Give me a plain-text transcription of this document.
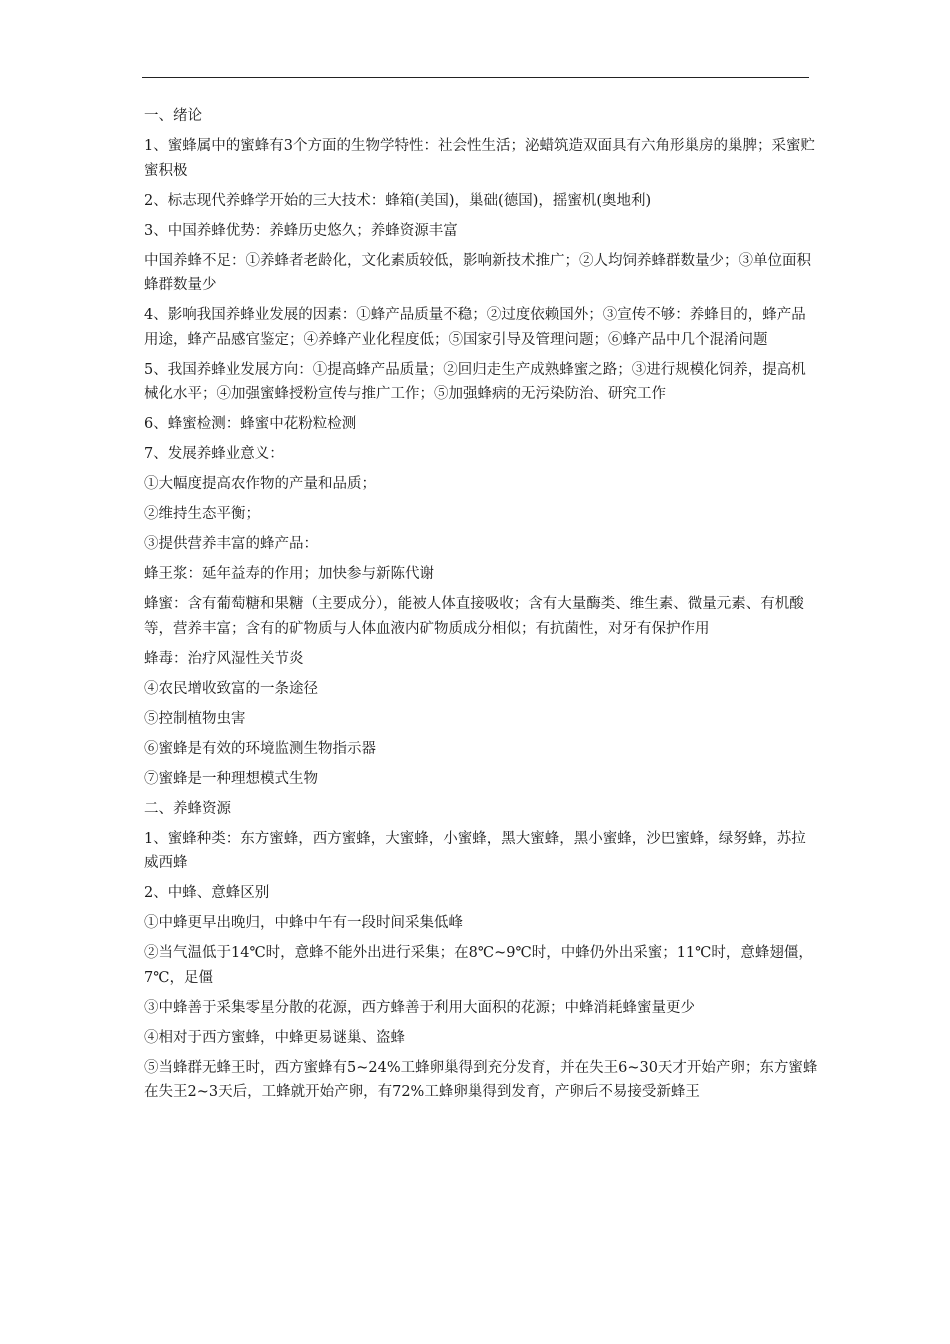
一、绪论

1、蜜蜂属中的蜜蜂有3个方面的生物学特性：社会性生活；泌蜡筑造双面具有六角形巢房的巢脾；采蜜贮蜜积极

2、标志现代养蜂学开始的三大技术：蜂箱(美国)，巢础(德国)，摇蜜机(奥地利)

3、中国养蜂优势：养蜂历史悠久；养蜂资源丰富

中国养蜂不足：①养蜂者老龄化，文化素质较低，影响新技术推广；②人均饲养蜂群数量少；③单位面积蜂群数量少

4、影响我国养蜂业发展的因素：①蜂产品质量不稳；②过度依赖国外；③宣传不够：养蜂目的，蜂产品用途，蜂产品感官鉴定；④养蜂产业化程度低；⑤国家引导及管理问题；⑥蜂产品中几个混淆问题

5、我国养蜂业发展方向：①提高蜂产品质量；②回归走生产成熟蜂蜜之路；③进行规模化饲养，提高机械化水平；④加强蜜蜂授粉宣传与推广工作；⑤加强蜂病的无污染防治、研究工作

6、蜂蜜检测：蜂蜜中花粉粒检测

7、发展养蜂业意义：

①大幅度提高农作物的产量和品质；

②维持生态平衡；

③提供营养丰富的蜂产品：

蜂王浆：延年益寿的作用；加快参与新陈代谢

蜂蜜：含有葡萄糖和果糖（主要成分），能被人体直接吸收；含有大量酶类、维生素、微量元素、有机酸等，营养丰富；含有的矿物质与人体血液内矿物质成分相似；有抗菌性，对牙有保护作用

蜂毒：治疗风湿性关节炎

④农民增收致富的一条途径

⑤控制植物虫害

⑥蜜蜂是有效的环境监测生物指示器

⑦蜜蜂是一种理想模式生物

二、养蜂资源

1、蜜蜂种类：东方蜜蜂，西方蜜蜂，大蜜蜂，小蜜蜂，黑大蜜蜂，黑小蜜蜂，沙巴蜜蜂，绿努蜂，苏拉威西蜂

2、中蜂、意蜂区别

①中蜂更早出晚归，中蜂中午有一段时间采集低峰

②当气温低于14℃时，意蜂不能外出进行采集；在8℃~9℃时，中蜂仍外出采蜜；11℃时，意蜂翅僵，7℃，足僵

③中蜂善于采集零星分散的花源，西方蜂善于利用大面积的花源；中蜂消耗蜂蜜量更少

④相对于西方蜜蜂，中蜂更易谜巢、盗蜂

⑤当蜂群无蜂王时，西方蜜蜂有5~24%工蜂卵巢得到充分发育，并在失王6~30天才开始产卵；东方蜜蜂在失王2~3天后，工蜂就开始产卵，有72%工蜂卵巢得到发育，产卵后不易接受新蜂王
